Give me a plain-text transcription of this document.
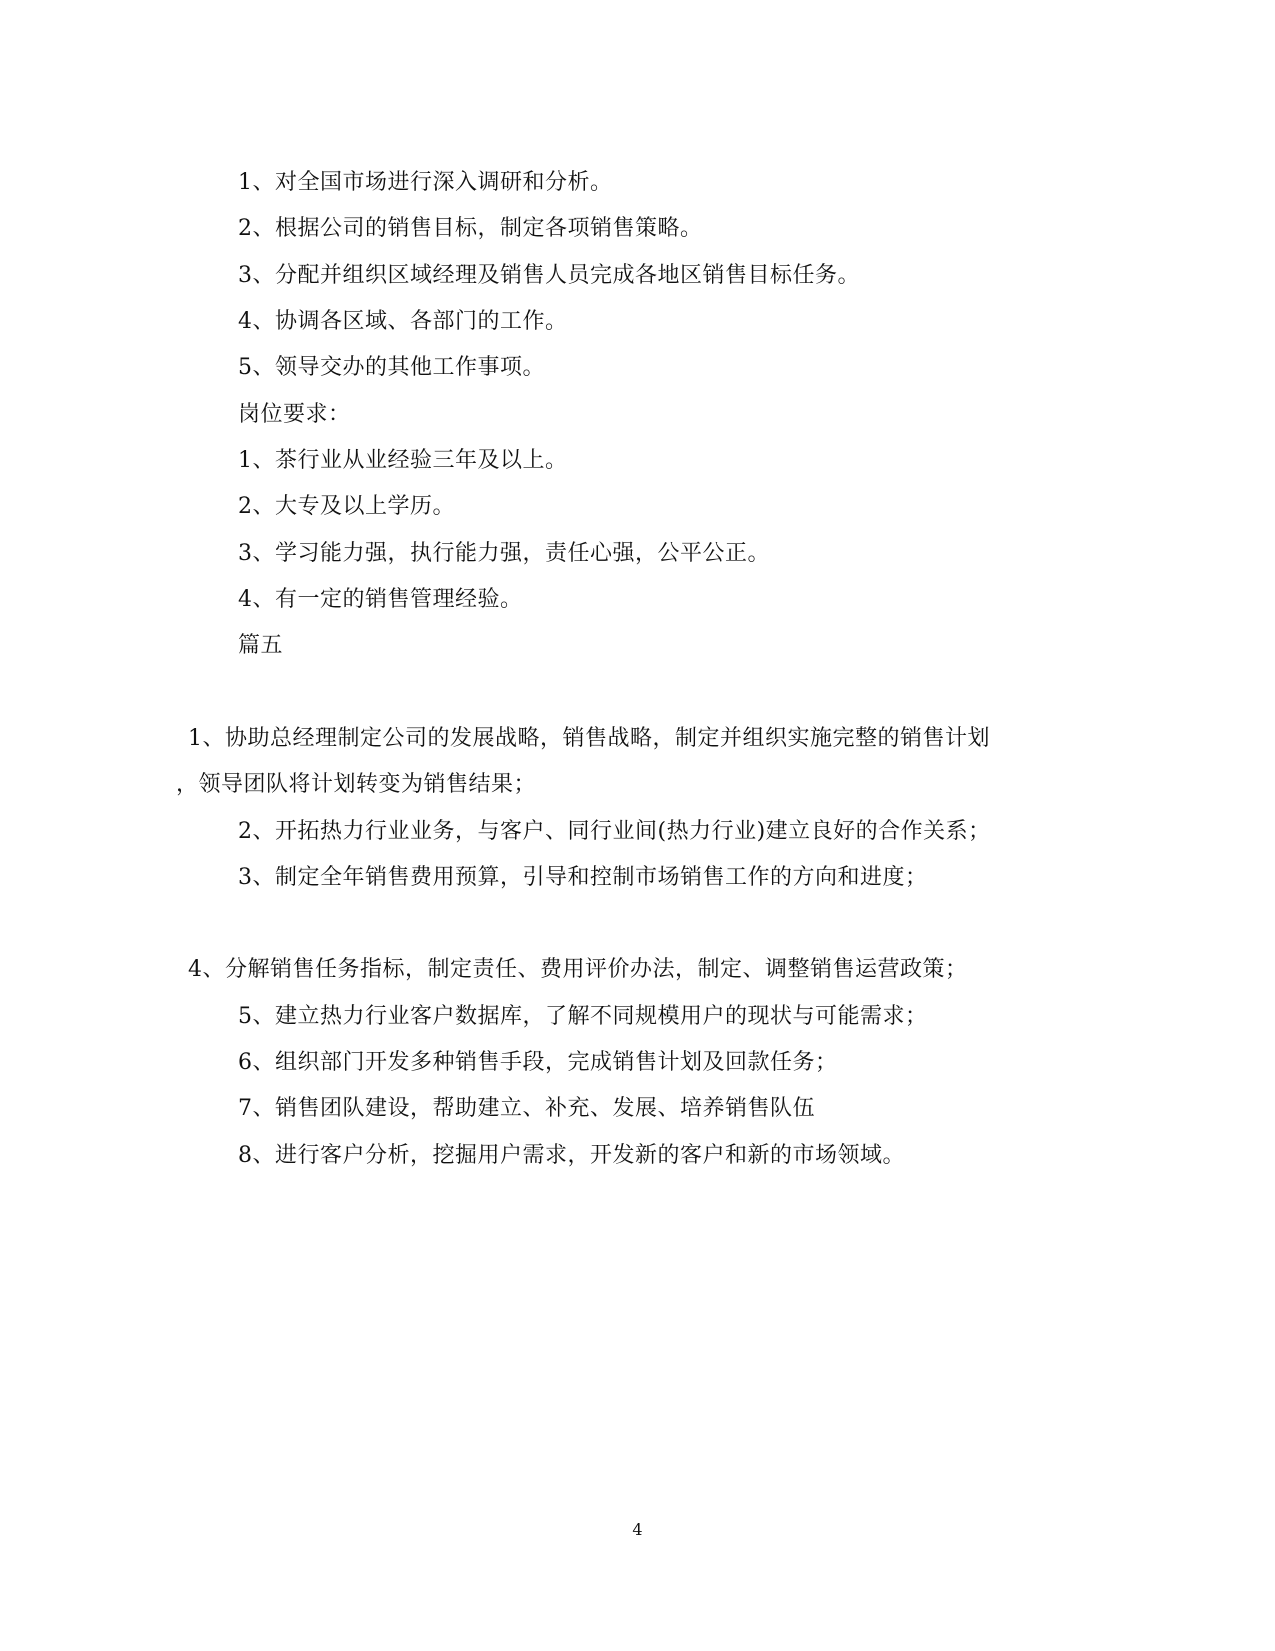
1、对全国市场进行深入调研和分析。
2、根据公司的销售目标，制定各项销售策略。
3、分配并组织区域经理及销售人员完成各地区销售目标任务。
4、协调各区域、各部门的工作。
5、领导交办的其他工作事项。
岗位要求：
1、茶行业从业经验三年及以上。
2、大专及以上学历。
3、学习能力强，执行能力强，责任心强，公平公正。
4、有一定的销售管理经验。
篇五
1、协助总经理制定公司的发展战略，销售战略，制定并组织实施完整的销售计划
，领导团队将计划转变为销售结果；
2、开拓热力行业业务，与客户、同行业间(热力行业)建立良好的合作关系；
3、制定全年销售费用预算，引导和控制市场销售工作的方向和进度；
4、分解销售任务指标，制定责任、费用评价办法，制定、调整销售运营政策；
5、建立热力行业客户数据库，了解不同规模用户的现状与可能需求；
6、组织部门开发多种销售手段，完成销售计划及回款任务；
7、销售团队建设，帮助建立、补充、发展、培养销售队伍
8、进行客户分析，挖掘用户需求，开发新的客户和新的市场领域。
4
